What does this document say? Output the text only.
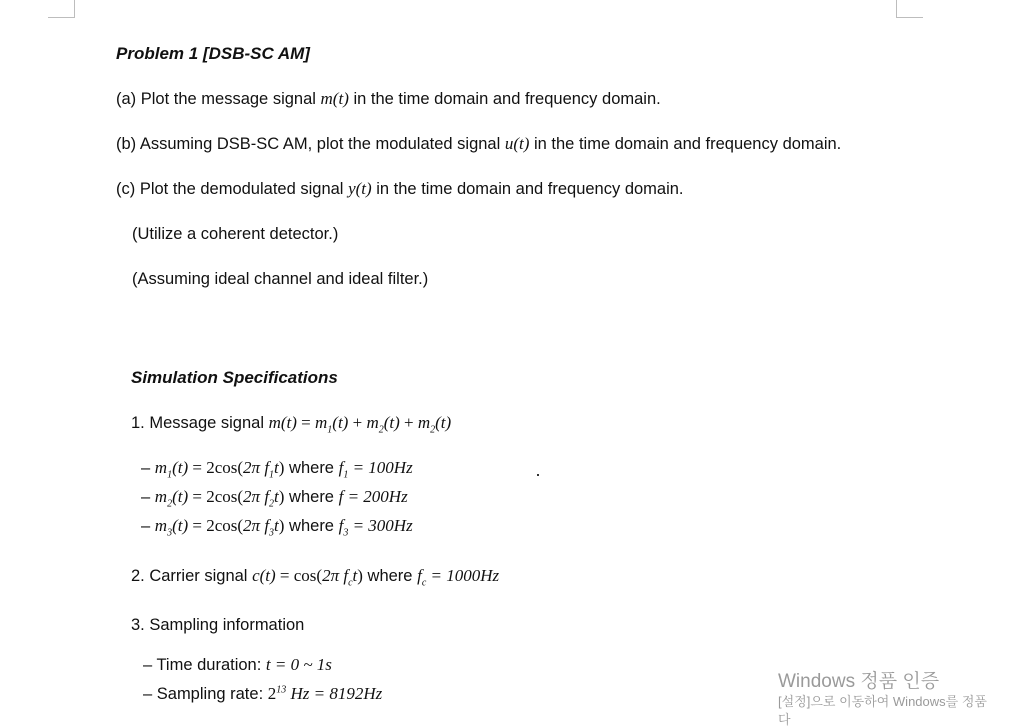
Problem 1 [DSB-SC AM]
(a) Plot the message signal m(t) in the time domain and frequency domain.
(b) Assuming DSB-SC AM, plot the modulated signal u(t) in the time domain and frequency domain.
(c) Plot the demodulated signal y(t) in the time domain and frequency domain.
(Utilize a coherent detector.)
(Assuming ideal channel and ideal filter.)
Simulation Specifications
1. Message signal $m(t) = m_1(t) + m_2(t) + m_2(t)$
– $m_1(t) = 2\cos(2\pi$ $f_1t$) where $f_1 = 100Hz$
– $m_2(t) = 2\cos(2\pi$ $f_2t$) where f = 200Hz
– $m_3(t) = 2\cos(2\pi$ $f_3t$) where $f_3 = 300Hz$
2. Carrier signal c(t) = cos(2π $f_ct$) where $f_c = 1000Hz$
3. Sampling information
– Time duration: t = 0 ~ 1s
– Sampling rate: $2^{13}$ Hz = 8192Hz
Windows 정품 인증
[설정]으로 이동하여 Windows를 정품
다
